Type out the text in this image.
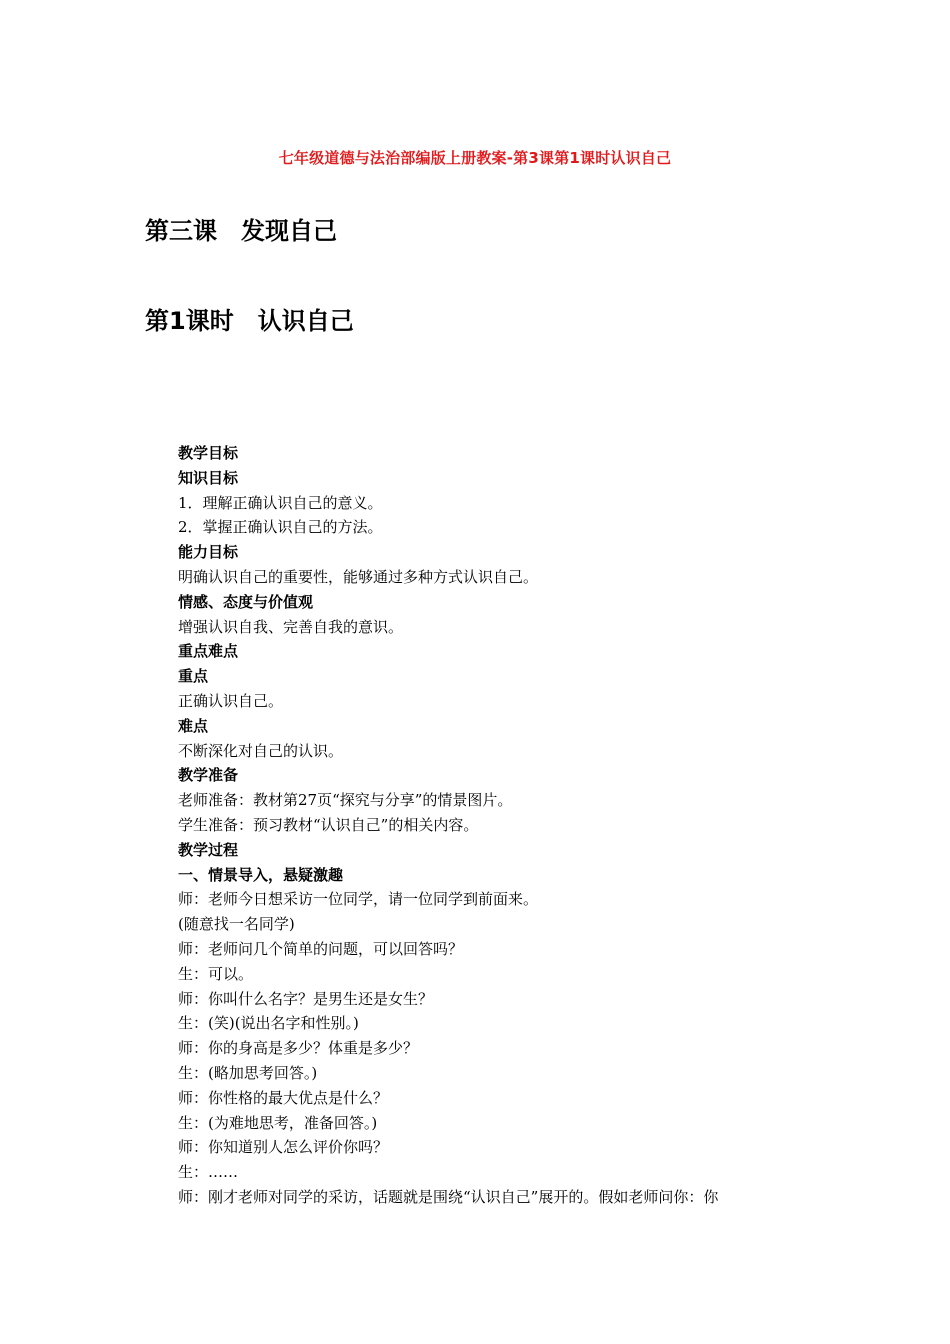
七年级道德与法治部编版上册教案-第3课第1课时认识自己
第三课　发现自己
第1课时　认识自己
教学目标
知识目标
1．理解正确认识自己的意义。
2．掌握正确认识自己的方法。
能力目标
明确认识自己的重要性，能够通过多种方式认识自己。
情感、态度与价值观
增强认识自我、完善自我的意识。
重点难点
重点
正确认识自己。
难点
不断深化对自己的认识。
教学准备
老师准备：教材第27页“探究与分享”的情景图片。
学生准备：预习教材“认识自己”的相关内容。
教学过程
一、情景导入，悬疑激趣
师：老师今日想采访一位同学，请一位同学到前面来。
(随意找一名同学)
师：老师问几个简单的问题，可以回答吗？
生：可以。
师：你叫什么名字？是男生还是女生？
生：(笑)(说出名字和性别。)
师：你的身高是多少？体重是多少？
生：(略加思考回答。)
师：你性格的最大优点是什么？
生：(为难地思考，准备回答。)
师：你知道别人怎么评价你吗？
生：……
师：刚才老师对同学的采访，话题就是围绕“认识自己”展开的。假如老师问你：你
